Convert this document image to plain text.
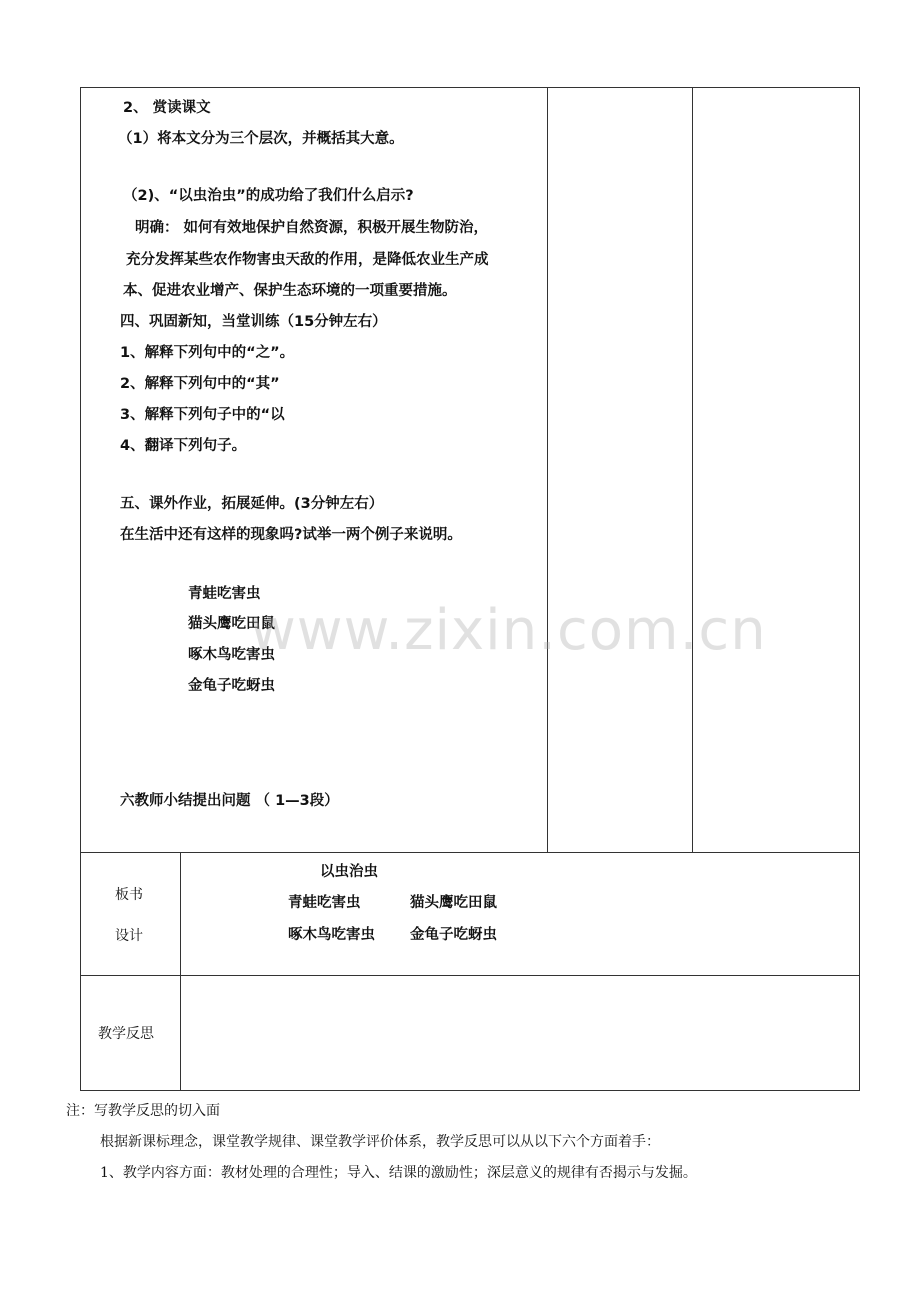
2、 赏读课文
（1）将本文分为三个层次，并概括其大意。
（2)、“以虫治虫”的成功给了我们什么启示?
明确： 如何有效地保护自然资源，积极开展生物防治，
充分发挥某些农作物害虫天敌的作用，是降低农业生产成
本、促进农业增产、保护生态环境的一项重要措施。
四、巩固新知，当堂训练（15分钟左右）
1、解释下列句中的“之”。
2、解释下列句中的“其”
3、解释下列句子中的“以
4、翻译下列句子。
五、课外作业，拓展延伸。(3分钟左右）
在生活中还有这样的现象吗?试举一两个例子来说明。
青蛙吃害虫
猫头鹰吃田鼠
啄木鸟吃害虫
金龟子吃蚜虫
六教师小结提出问题 （ 1—3段）
板书
设计
以虫治虫
青蛙吃害虫	猫头鹰吃田鼠
啄木鸟吃害虫 金龟子吃蚜虫
教学反思
注：写教学反思的切入面
根据新课标理念，课堂教学规律、课堂教学评价体系，教学反思可以从以下六个方面着手：
1、教学内容方面：教材处理的合理性；导入、结课的激励性；深层意义的规律有否揭示与发掘。
www.zixin.com.cn
